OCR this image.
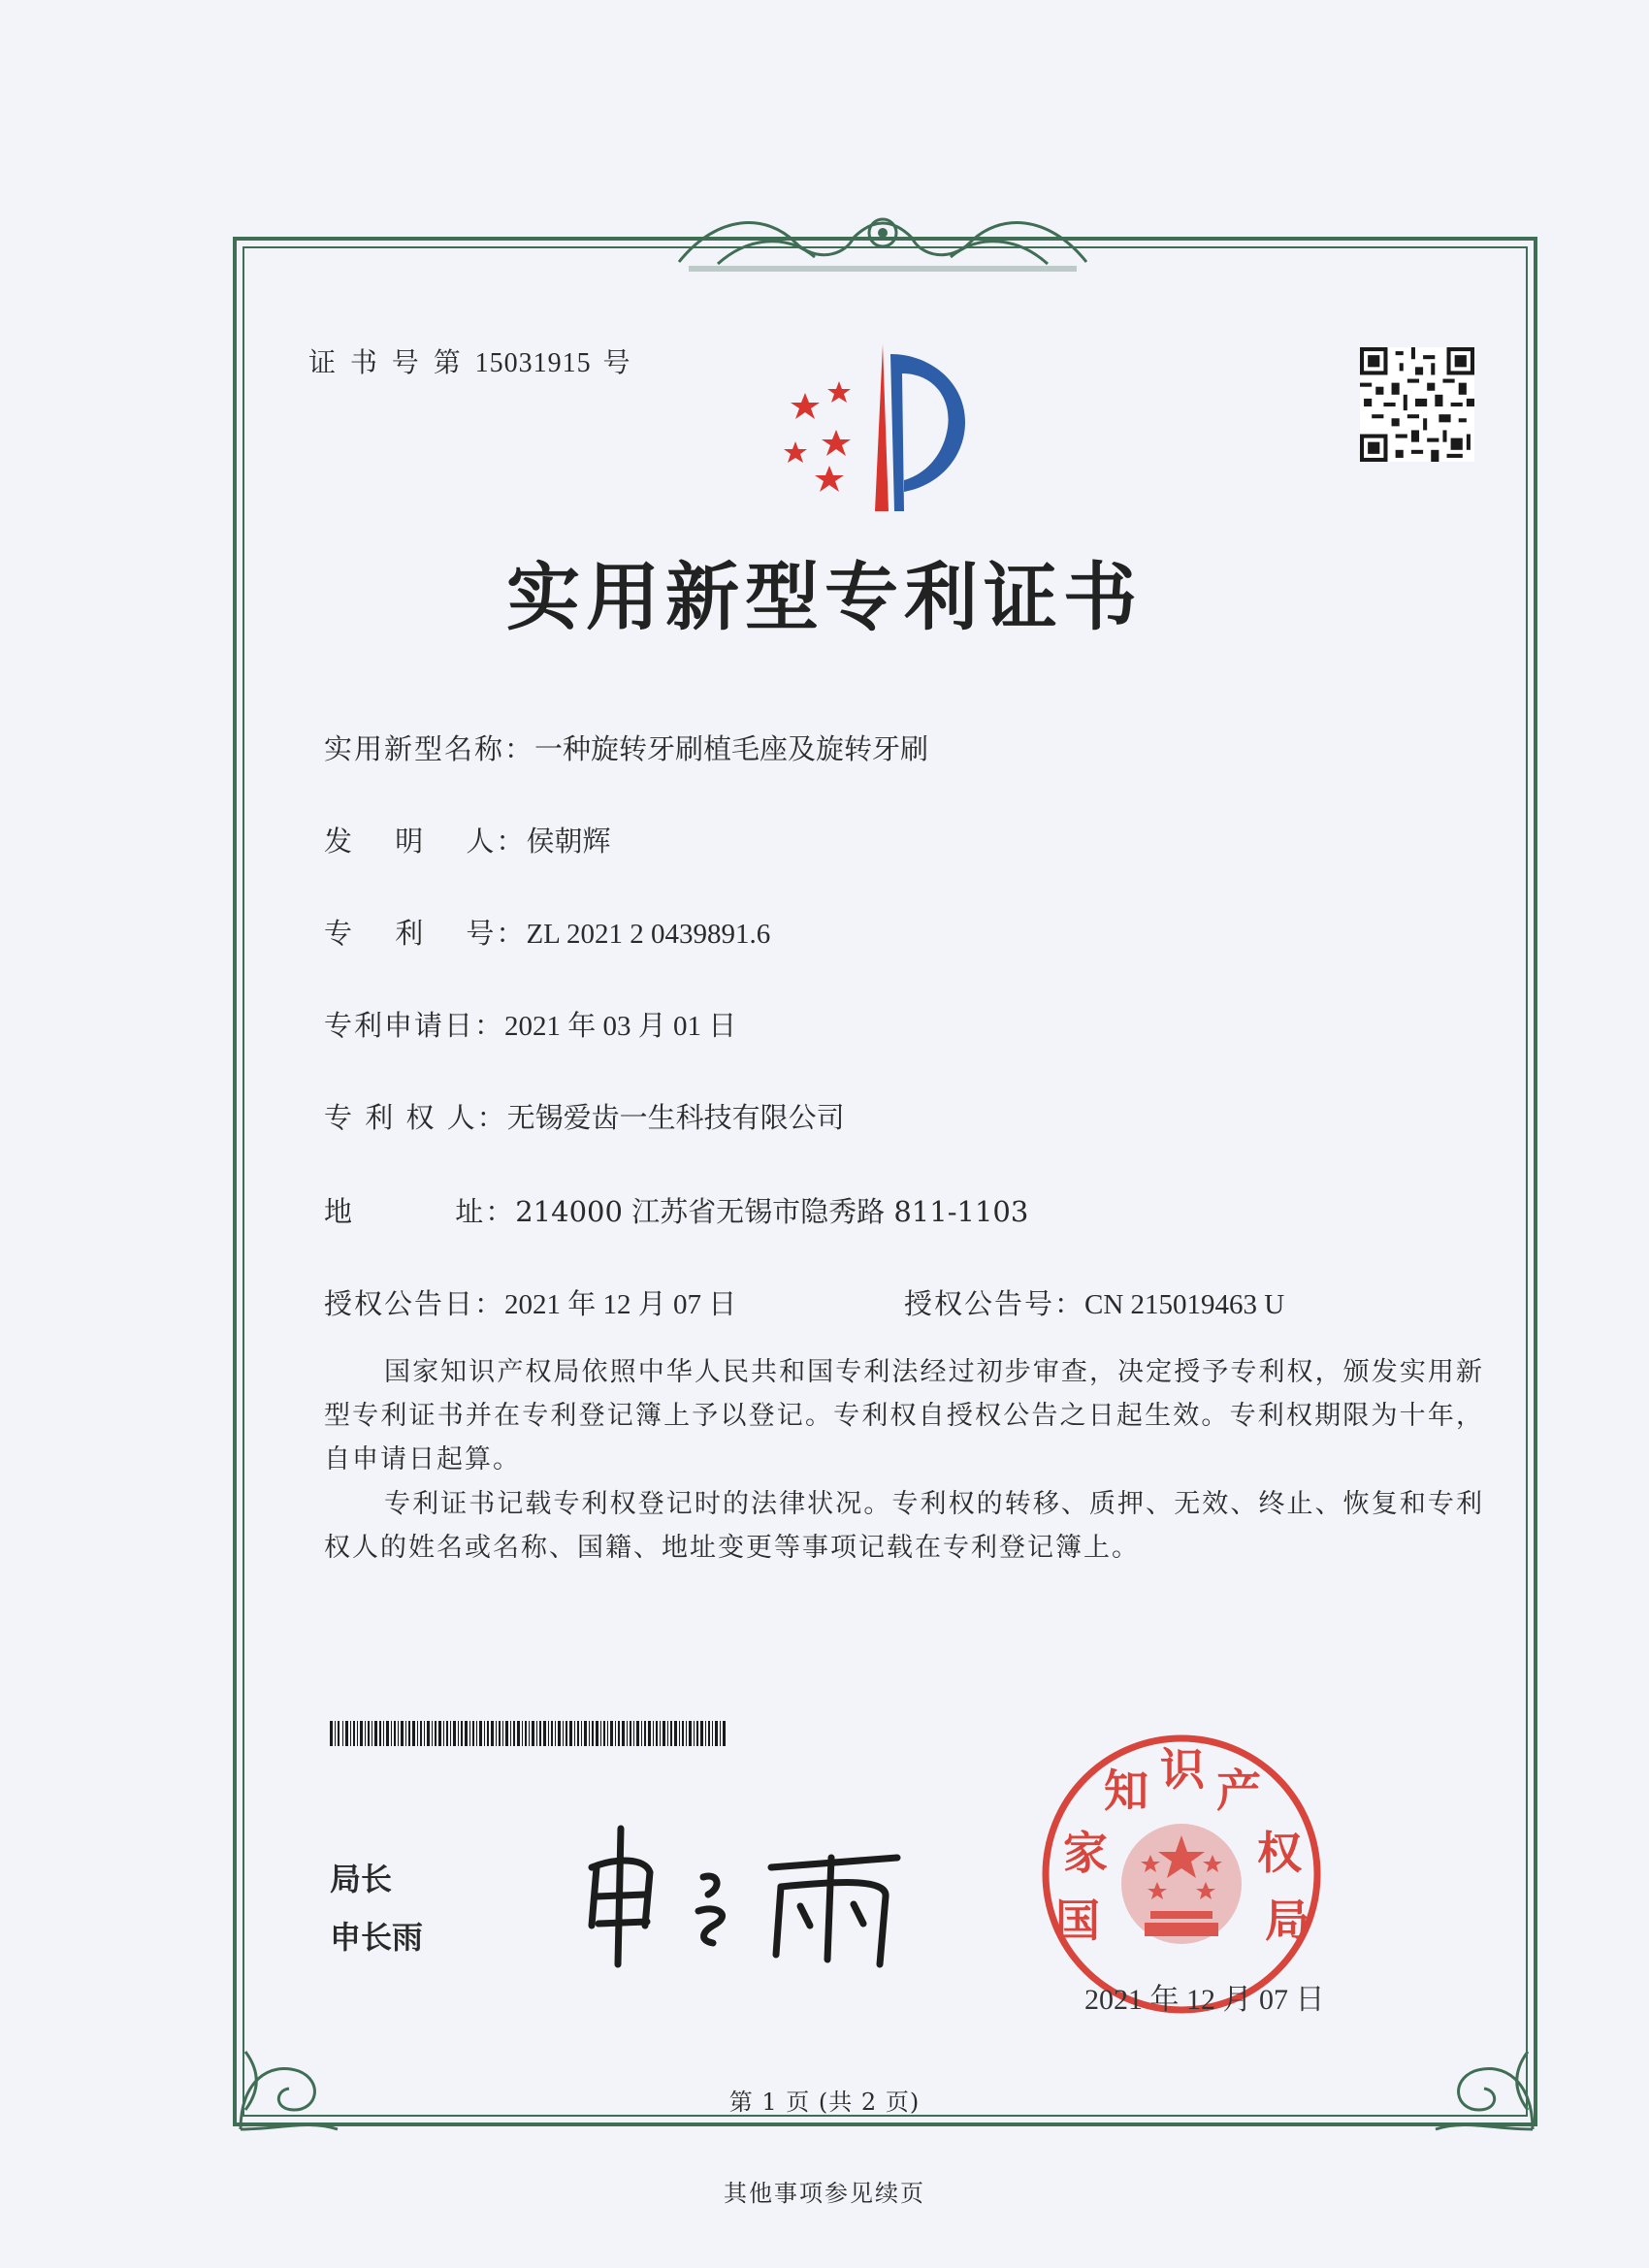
证 书 号 第 15031915 号
实用新型专利证书
实用新型名称：一种旋转牙刷植毛座及旋转牙刷
发　 明　 人：侯朝辉
专　 利　 号：ZL 2021 2 0439891.6
专利申请日：2021 年 03 月 01 日
专 利 权 人：无锡爱齿一生科技有限公司
地　　　 址：214000 江苏省无锡市隐秀路 811-1103
授权公告日：2021 年 12 月 07 日	授权公告号：CN 215019463 U
国家知识产权局依照中华人民共和国专利法经过初步审查，决定授予专利权，颁发实用新型专利证书并在专利登记簿上予以登记。专利权自授权公告之日起生效。专利权期限为十年，自申请日起算。
专利证书记载专利权登记时的法律状况。专利权的转移、质押、无效、终止、恢复和专利权人的姓名或名称、国籍、地址变更等事项记载在专利登记簿上。
局长
申长雨	国
家
知 识 产
权
局
2021 年 12 月 07 日
第 1 页 (共 2 页)
其他事项参见续页
